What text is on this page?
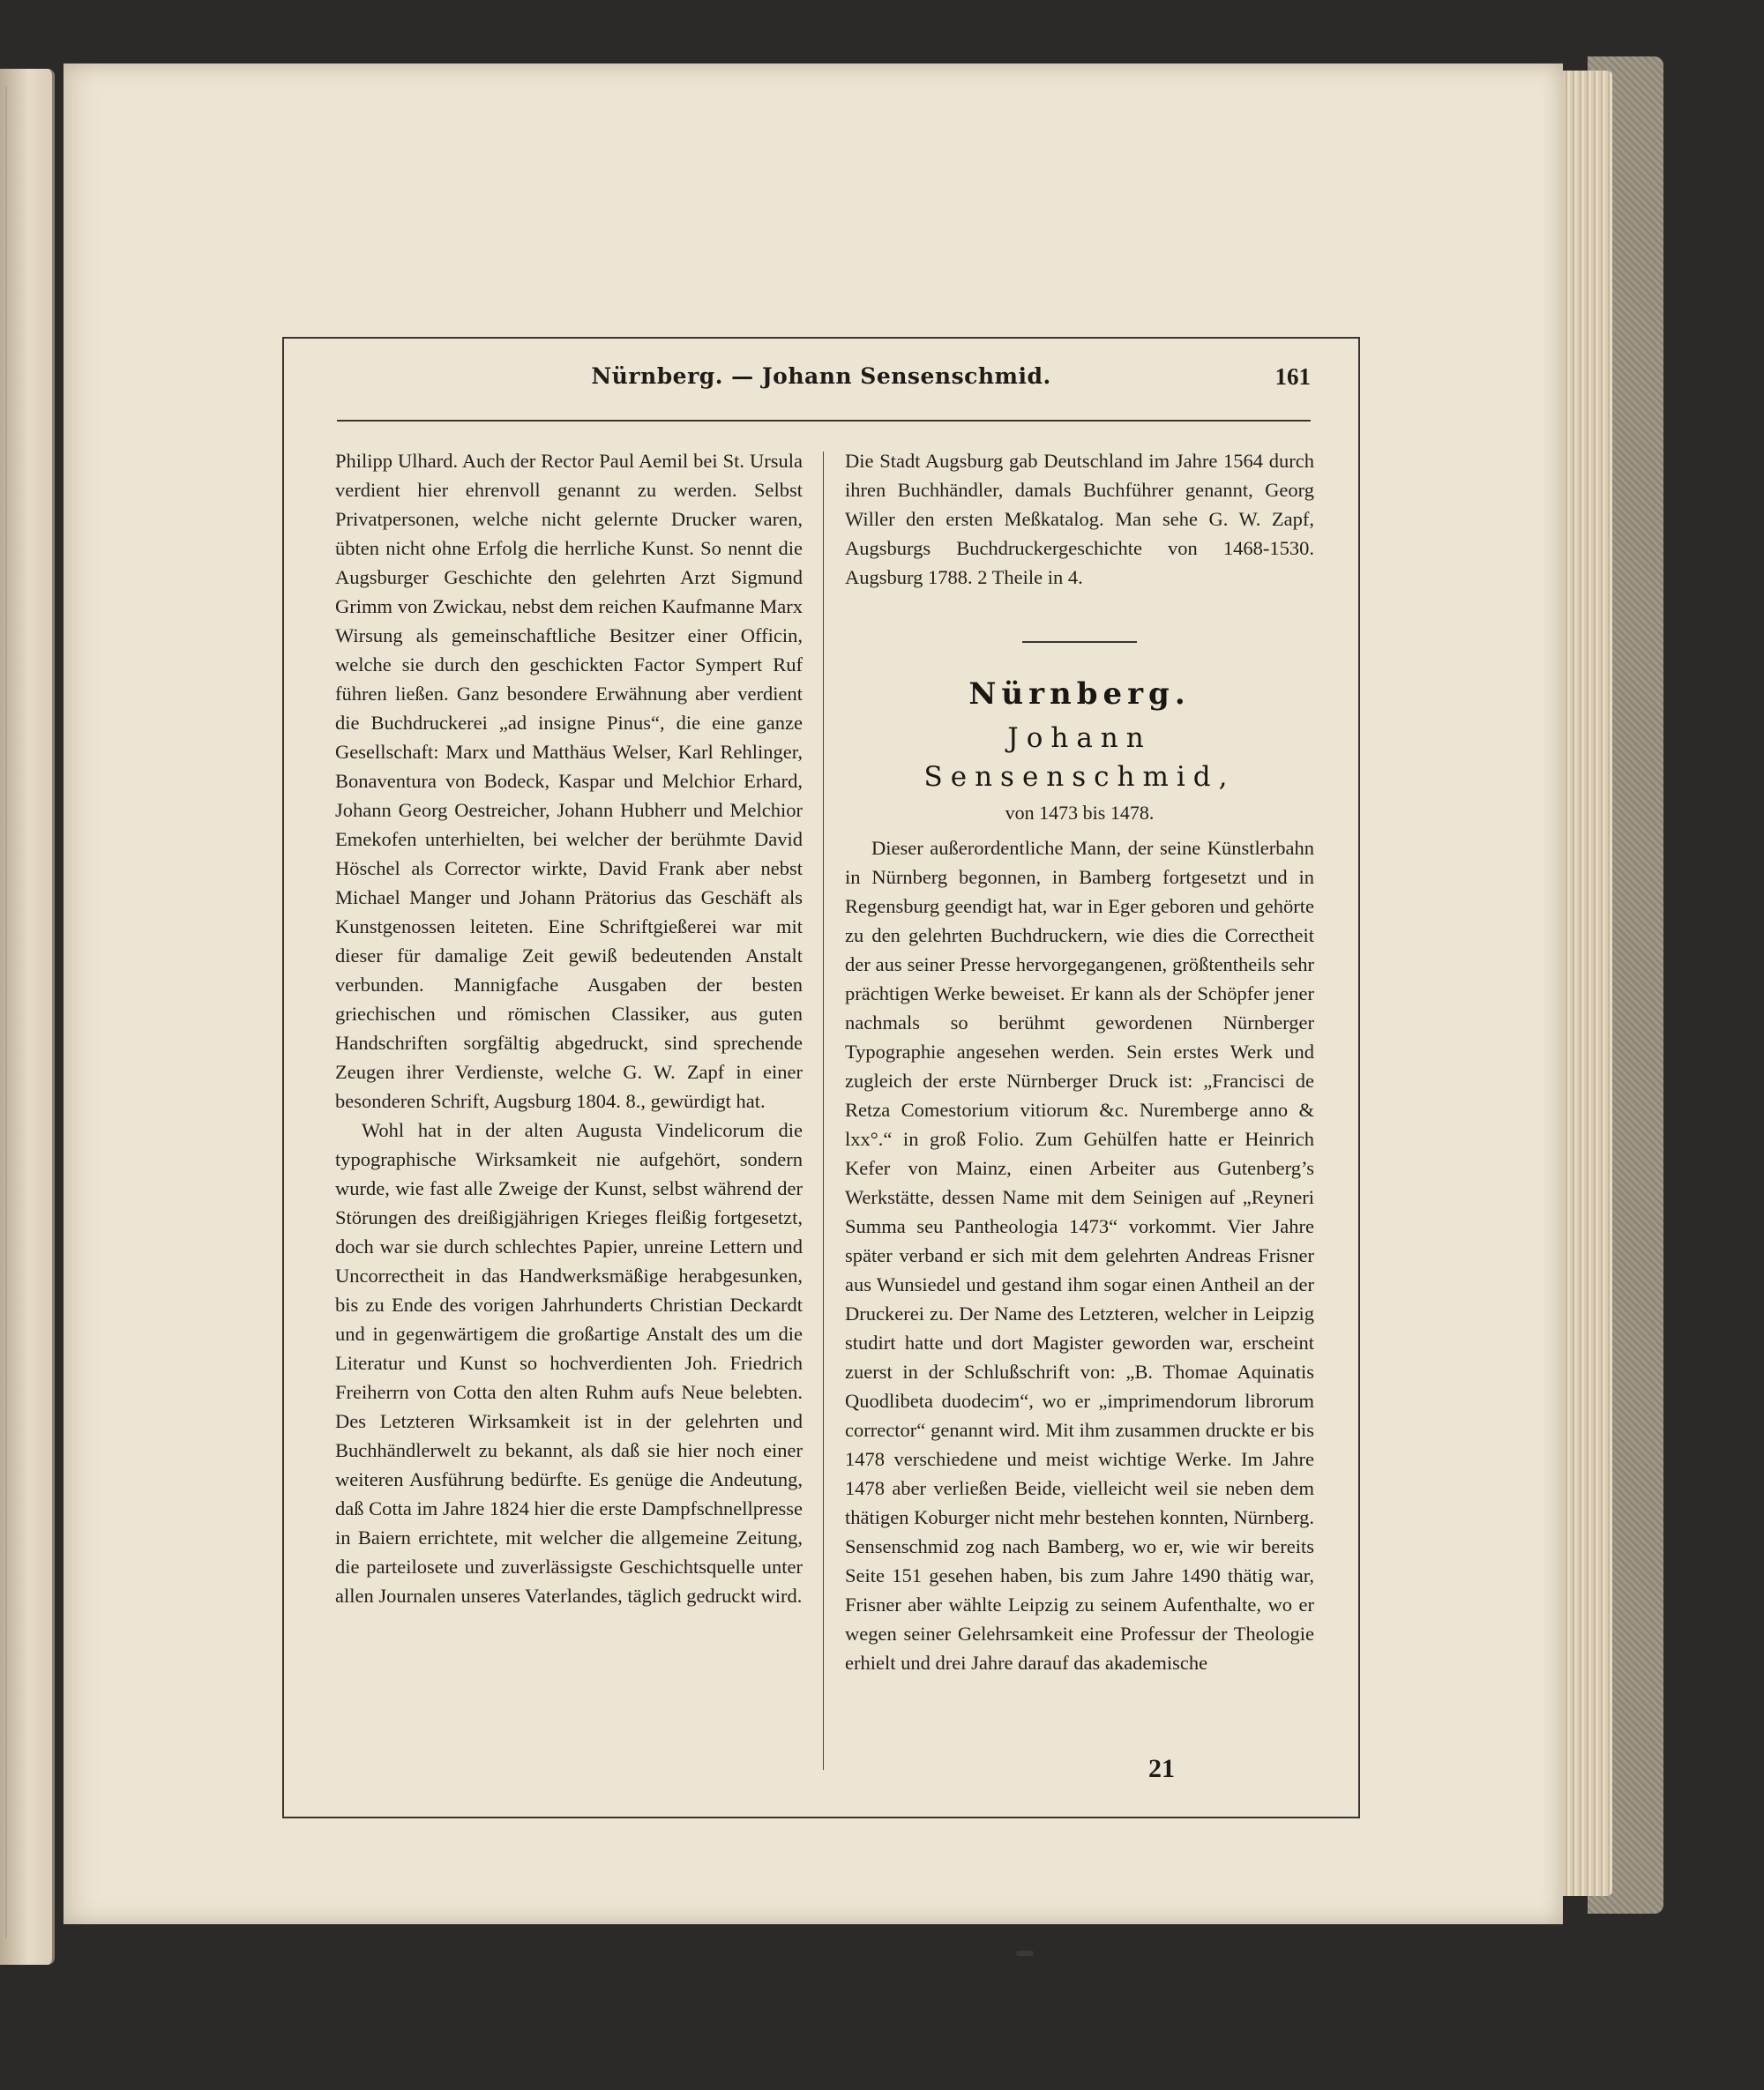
Nürnberg. — Johann Sensenschmid.	161

Philipp Ulhard. Auch der Rector Paul Aemil bei St. Ursula verdient hier ehrenvoll genannt zu werden. Selbst Privatpersonen, welche nicht gelernte Drucker waren, übten nicht ohne Erfolg die herrliche Kunst. So nennt die Augsburger Geschichte den gelehrten Arzt Sigmund Grimm von Zwickau, nebst dem reichen Kaufmanne Marx Wirsung als gemeinschaftliche Besitzer einer Officin, welche sie durch den geschickten Factor Sympert Ruf führen ließen. Ganz besondere Erwähnung aber verdient die Buchdruckerei „ad insigne Pinus“, die eine ganze Gesellschaft: Marx und Matthäus Welser, Karl Rehlinger, Bonaventura von Bodeck, Kaspar und Melchior Erhard, Johann Georg Oestreicher, Johann Hubherr und Melchior Emekofen unterhielten, bei welcher der berühmte David Höschel als Corrector wirkte, David Frank aber nebst Michael Manger und Johann Prätorius das Geschäft als Kunstgenossen leiteten. Eine Schriftgießerei war mit dieser für damalige Zeit gewiß bedeutenden Anstalt verbunden. Mannigfache Ausgaben der besten griechischen und römischen Classiker, aus guten Handschriften sorgfältig abgedruckt, sind sprechende Zeugen ihrer Verdienste, welche G. W. Zapf in einer besonderen Schrift, Augsburg 1804. 8., gewürdigt hat.

Wohl hat in der alten Augusta Vindelicorum die typographische Wirksamkeit nie aufgehört, sondern wurde, wie fast alle Zweige der Kunst, selbst während der Störungen des dreißigjährigen Krieges fleißig fortgesetzt, doch war sie durch schlechtes Papier, unreine Lettern und Uncorrectheit in das Handwerksmäßige herabgesunken, bis zu Ende des vorigen Jahrhunderts Christian Deckardt und in gegenwärtigem die großartige Anstalt des um die Literatur und Kunst so hochverdienten Joh. Friedrich Freiherrn von Cotta den alten Ruhm aufs Neue belebten. Des Letzteren Wirksamkeit ist in der gelehrten und Buchhändlerwelt zu bekannt, als daß sie hier noch einer weiteren Ausführung bedürfte. Es genüge die Andeutung, daß Cotta im Jahre 1824 hier die erste Dampfschnellpresse in Baiern errichtete, mit welcher die allgemeine Zeitung, die parteilosete und zuverlässigste Geschichtsquelle unter allen Journalen unseres Vaterlandes, täglich gedruckt wird.

Die Stadt Augsburg gab Deutschland im Jahre 1564 durch ihren Buchhändler, damals Buchführer genannt, Georg Willer den ersten Meßkatalog. Man sehe G. W. Zapf, Augsburgs Buchdruckergeschichte von 1468-1530. Augsburg 1788. 2 Theile in 4.

Nürnberg.
Johann Sensenschmid,
von 1473 bis 1478.

Dieser außerordentliche Mann, der seine Künstlerbahn in Nürnberg begonnen, in Bamberg fortgesetzt und in Regensburg geendigt hat, war in Eger geboren und gehörte zu den gelehrten Buchdruckern, wie dies die Correctheit der aus seiner Presse hervorgegangenen, größtentheils sehr prächtigen Werke beweiset. Er kann als der Schöpfer jener nachmals so berühmt gewordenen Nürnberger Typographie angesehen werden. Sein erstes Werk und zugleich der erste Nürnberger Druck ist: „Francisci de Retza Comestorium vitiorum &c. Nuremberge anno & lxx°.“ in groß Folio. Zum Gehülfen hatte er Heinrich Kefer von Mainz, einen Arbeiter aus Gutenberg’s Werkstätte, dessen Name mit dem Seinigen auf „Reyneri Summa seu Pantheologia 1473“ vorkommt. Vier Jahre später verband er sich mit dem gelehrten Andreas Frisner aus Wunsiedel und gestand ihm sogar einen Antheil an der Druckerei zu. Der Name des Letzteren, welcher in Leipzig studirt hatte und dort Magister geworden war, erscheint zuerst in der Schlußschrift von: „B. Thomae Aquinatis Quodlibeta duodecim“, wo er „imprimendorum librorum corrector“ genannt wird. Mit ihm zusammen druckte er bis 1478 verschiedene und meist wichtige Werke. Im Jahre 1478 aber verließen Beide, vielleicht weil sie neben dem thätigen Koburger nicht mehr bestehen konnten, Nürnberg. Sensenschmid zog nach Bamberg, wo er, wie wir bereits Seite 151 gesehen haben, bis zum Jahre 1490 thätig war, Frisner aber wählte Leipzig zu seinem Aufenthalte, wo er wegen seiner Gelehrsamkeit eine Professur der Theologie erhielt und drei Jahre darauf das akademische

21
